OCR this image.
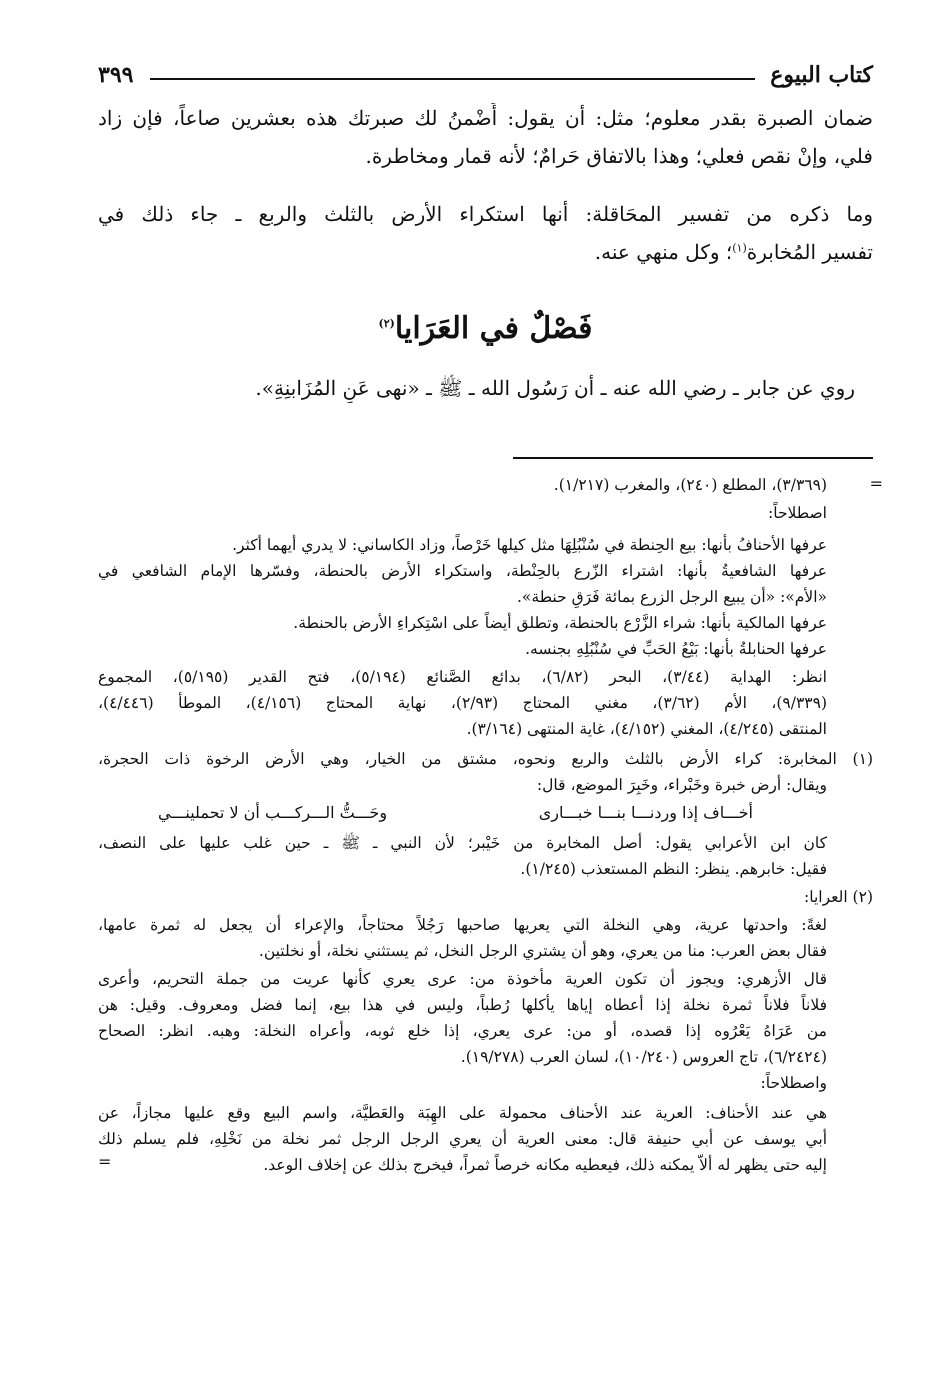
كتاب البيوع
٣٩٩
ضمان الصبرة بقدر معلوم؛ مثل: أن يقول: أَضْمنُ لك صبرتك هذه بعشرين صاعاً، فإن زاد
فلي، وإنْ نقص فعلي؛ وهذا بالاتفاق حَرامٌ؛ لأنه قمار ومخاطرة.
وما ذكره من تفسير المحَاقلة: أنها استكراء الأرض بالثلث والربع ـ جاء ذلك في
تفسير المُخابرة$^{(١)}$؛ وكل منهي عنه.
فَصْلٌ في العَرَايا$^{(٢)}$
روي عن جابر ـ رضي الله عنه ـ أن رَسُول الله ـ ﷺ ـ «نهى عَنِ المُزَابنِةِ».
=
(٣/٣٦٩)، المطلع (٢٤٠)، والمغرب (١/٢١٧).
اصطلاحاً:
عرفها الأحنافُ بأنها: بيع الحِنطة في سُنْبُلِهَا مثل كيلها خَرْصاً، وزاد الكاساني: لا يدري أيهما أكثر.
عرفها الشافعيةُ بأنها: اشتراء الزّرع بالحِنْطة، واستكراء الأرض بالحنطة، وفسّرها الإمام الشافعي في
«الأم»: «أن يبيع الرجل الزرع بمائة فَرَقِ حنطة».
عرفها المالكية بأنها: شراء الزَّرْع بالحنطة، وتطلق أيضاً على اسْتِكراءِ الأرض بالحنطة.
عرفها الحنابلةُ بأنها: بَيْعُ الحَبِّ في سُنْبُلِهِ بجنسه.
انظر: الهداية (٣/٤٤)، البحر (٦/٨٢)، بدائع الصَّنائع (٥/١٩٤)، فتح القدير (٥/١٩٥)، المجموع
(٩/٣٣٩)، الأم (٣/٦٢)، مغني المحتاج (٢/٩٣)، نهاية المحتاج (٤/١٥٦)، الموطأ (٤/٤٤٦)،
المنتقى (٤/٢٤٥)، المغني (٤/١٥٢)، غاية المنتهى (٣/١٦٤).
(١) المخابرة: كراء الأرض بالثلث والربع ونحوه، مشتق من الخيار، وهي الأرض الرخوة ذات الحجرة،
ويقال: أرض خبرة وخَبْراء، وخَبِرَ الموضع، قال:
أخـــاف إذا وردنـــا بنـــا خبـــارى
وحَـــتُّ الـــركـــب أن لا تحملينـــي
كان ابن الأعرابي يقول: أصل المخابرة من خَيْبر؛ لأن النبي ـ ﷺ ـ حين غلب عليها على النصف،
فقيل: خابرهم. ينظر: النظم المستعذب (١/٢٤٥).
(٢) العرايا:
لغةً: واحدتها عرية، وهي النخلة التي يعريها صاحبها رَجُلاً محتاجاً، والإعراء أن يجعل له ثمرة عامها،
فقال بعض العرب: منا من يعري، وهو أن يشتري الرجل النخل، ثم يستثني نخلة، أو نخلتين.
قال الأزهري: ويجوز أن تكون العرية مأخوذة من: عرى يعري كأنها عريت من جملة التحريم، وأعرى
فلاناً فلاناً ثمرة نخلة إذا أعطاه إياها يأكلها رُطباً، وليس في هذا بيع، إنما فضل ومعروف. وقيل: هن
من عَرَاهُ يَعْرُوه إذا قصده، أو من: عرى يعري، إذا خلع ثوبه، وأعراه النخلة: وهبه. انظر: الصحاح
(٦/٢٤٢٤)، تاج العروس (١٠/٢٤٠)، لسان العرب (١٩/٢٧٨).
واصطلاحاً:
هي عند الأحناف: العرية عند الأحناف محمولة على الهِبَة والعَطيَّة، واسم البيع وقع عليها مجازاً، عن
أبي يوسف عن أبي حنيفة قال: معنى العرية أن يعري الرجل الرجل ثمر نخلة من نَخْلِهِ، فلم يسلم ذلك
إليه حتى يظهر له ألاّ يمكنه ذلك، فيعطيه مكانه خرصاً ثمراً، فيخرج بذلك عن إخلاف الوعد.
=
